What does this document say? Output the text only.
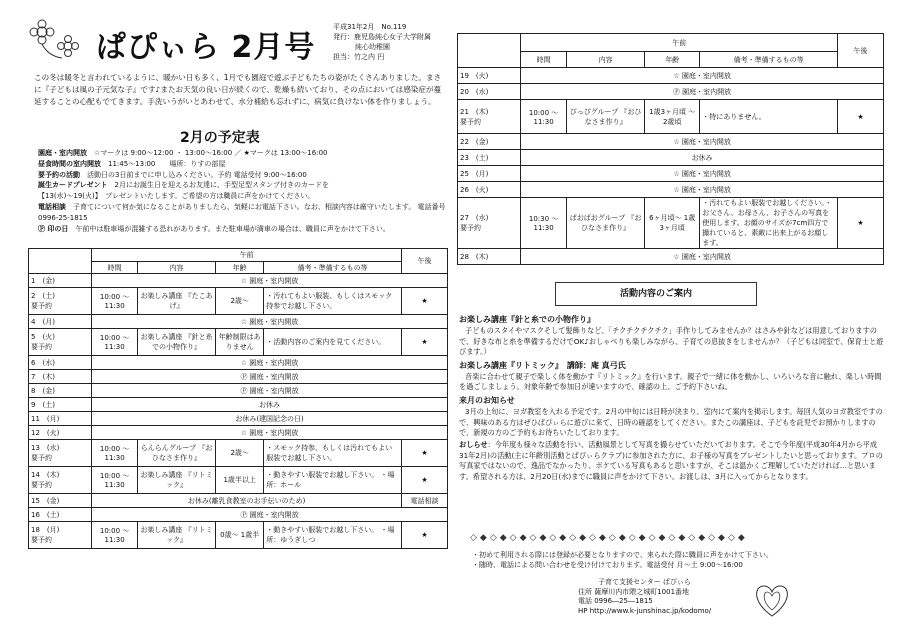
ぱぴぃら 2月号
平成31年2月　No.119
発行：鹿児島純心女子大学附属
純心幼稚園
担当：竹之内 円
この冬は暖冬と言われているように、暖かい日も多く、1月でも園庭で遊ぶ子どもたちの姿がたくさんありました。まさに『子どもは風の子元気な子』です♪またお天気の良い日が続くので、乾燥も続いており、その点においては感染症が蔓延することの心配もでてきます。手洗いうがいとあわせて、水分補給も忘れずに、病気に負けない体を作りましょう。
2月の予定表
園庭・室内開放　 ☆マークは 9:00～12:00 ・ 13:00～16:00 ／ ★マークは 13:00～16:00
昼食時間の室内開放　 11:45～13:00　　場所：りすの部屋
要予約の活動　 活動日の3日前までに申し込みください。予約 電話受付 9:00～16:00
誕生カードプレゼント　 2月にお誕生日を迎えるお友達に、手型足型スタンプ付きのカードを
【13(水)～19(火)】　プレゼントいたします。ご希望の方は職員に声をかけてください。
電話相談　 子育てについて何か気になることがありましたら、気軽にお電話下さい。なお、相談内容は厳守いたします。 電話番号 0996-25-1815
Ⓟ 印の日　 午前中は駐車場が混雑する恐れがあります。また駐車場が満車の場合は、職員に声をかけて下さい。
	午前				午後
	時間	内容	年齢	備考・準備するもの等	
1　 (金)	☆ 園庭・室内開放				
2　 (土)
要予約	10:00 ～ 11:30	お楽しみ講座 『たこあげ』	2歳～	・汚れてもよい服装、もしくはスモック持参でお越し下さい。	★
4　 (月)	☆ 園庭・室内開放				
5　 (火)
要予約	10:00 ～ 11:30	お楽しみ講座 『針と糸での小物作り』	年齢制限はありません	・活動内容のご案内を見てください。	★
6　 (水)	☆ 園庭・室内開放				
7　 (木)	Ⓟ 園庭・室内開放				
8　 (金)	Ⓟ 園庭・室内開放				
9　 (土)	お休み				
11　 (月)	お休み(建国記念の日)				
12　 (火)	☆ 園庭・室内開放				
13　 (水)
要予約	10:00 ～ 11:30	らんらんグループ 『おひなさま作り』	2歳～	・スモック持参、もしくは汚れてもよい服装でお越し下さい。	★
14　 (木)
要予約	10:00 ～ 11:30	お楽しみ講座 『リトミック』	1歳半以上	・動きやすい服装でお越し下さい。 ・場所：ホール	★
15　 (金)	お休み(離乳食教室のお手伝いのため)				電話相談
16　 (土)	Ⓟ 園庭・室内開放				
18　 (月)
要予約	10:00 ～ 11:30	お楽しみ講座 『リトミック』	0歳～ 1歳半	・動きやすい服装でお越し下さい。 ・場所：ゆうぎしつ	★
	午前				午後
	時間	内容	年齢	備考・準備するもの等	
19　 (火)	☆ 園庭・室内開放				
20　 (水)	Ⓟ 園庭・室内開放				
21　 (木)
要予約	10:00 ～ 11:30	ぴっぴグループ 『おひなさま作り』	1歳3ヶ月頃 ～2歳頃	・特にありません。	★
22　 (金)	☆ 園庭・室内開放				
23　 (土)	お休み				
25　 (月)	☆ 園庭・室内開放				
26　 (火)	☆ 園庭・室内開放				
27　 (水)
要予約	10:30 ～ 11:30	ぱおぱおグループ 『おひなさま作り』	6ヶ月頃～ 1歳3ヶ月頃	・汚れてもよい服装でお越しください。・お父さん、お母さん、お子さんの写真を使用します。お顔のサイズが7cm四方で撮れていると、素敵に出来上がるお顔します。	★
28　 (木)	☆ 園庭・室内開放				
活動内容のご案内
お楽しみ講座『針と糸での小物作り』

子どものスタイやマスクそして髪飾りなど、「チクチクチクチク」手作りしてみませんか？はさみや針などは用意しておりますので、好きな布と糸を準備するだけでOK♪おしゃべりも楽しみながら、子育ての息抜きをしませんか？（子どもは同室で、保育士と遊びます。）

お楽しみ講座『リトミック』　講師：庵 真弓氏

音楽に合わせて親子で楽しく体を動かす『リトミック』を行います。親子で一緒に体を動かし、いろいろな音に触れ、楽しい時間を過ごしましょう。対象年齢で参加日が違いますので、確認の上、ご予約下さいね。

来月のお知らせ

3月の上旬に、ヨガ教室を入れる予定です。2月の中旬には日時が決まり、室内にて案内を掲示します。毎回人気のヨガ教室ですので、興味のある方はぜひぱぴぃらに遊びに来て、日時の確認をしてください。またこの講座は、子どもを託児でお預かりしますので、新規の方のご予約もお待ちいたしております。

おしらせ：今年度も様々な活動を行い、活動風景として写真を撮らせていただいております。そこで今年度(平成30年4月から平成31年2月)の活動(主に年齢別活動とぱぴぃらクラブ)に参加された方に、お子様の写真をプレゼントしたいと思っております。プロの写真家ではないので、逸品でなかったり、ボケている写真もあると思いますが、そこは温かくご理解していただければ…と思います。希望される方は、2月20日(水)までに職員に声をかけて下さい。お渡しは、3月に入ってからとなります。

◇◆◇◆◇◆◇◆◇◆◇◆◇◆◇◆◇◆◇◆◇◆◇◆◇◆◇◆
・初めて利用される際には登録が必要となりますので、来られた際に職員に声をかけて下さい。
・随時、電話による問い合わせを受け付けております。電話受付 月～土 9:00～16:00
子育て支援センター ぱぴぃら
住所 薩摩川内市隈之城町1001番地
電話 0996―25―1815
HP http://www.k-junshinac.jp/kodomo/
